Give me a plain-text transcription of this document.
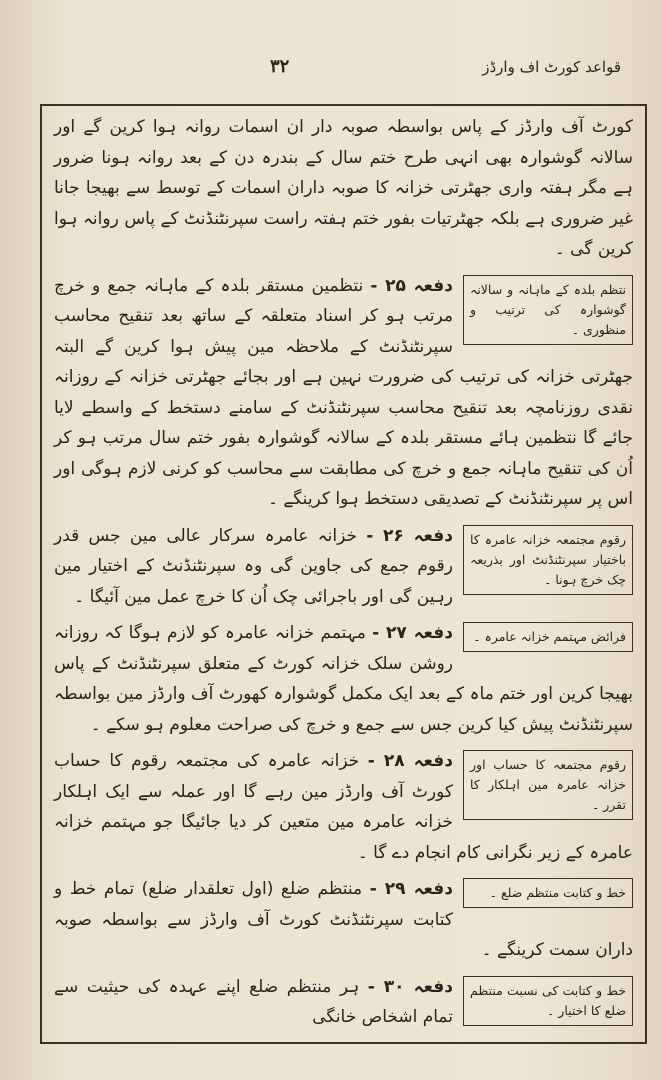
قواعد کورٹ اف وارڈز
۳۲

کورٹ آف وارڈز کے پاس بواسطہ صوبہ دار ان اسمات روانہ ہوا کرین گے اور سالانہ گوشوارہ بھی انہی طرح ختم سال کے بندرہ دن کے بعد روانہ ہونا ضرور ہے مگر ہفتہ واری جھٹرتی خزانہ کا صوبہ داران اسمات کے توسط سے بھیجا جانا غیر ضروری ہے بلکہ جھٹرتیات بفور ختم ہفتہ راست سپرنٹنڈنٹ کے پاس روانہ ہوا کرین گی ۔

نتظم بلدہ کے ماہانہ و سالانہ گوشوارہ کی ترتیب و منظوری ۔

دفعہ ۲۵ - نتظمین مستقر بلدہ کے ماہانہ جمع و خرچ مرتب ہو کر اسناد متعلقہ کے ساتھ بعد تنقیح محاسب سپرنٹنڈنٹ کے ملاحظہ مین پیش ہوا کرین گے البتہ جھٹرتی خزانہ کی ترتیب کی ضرورت نہین ہے اور بجائے جھٹرتی خزانہ کے روزانہ نقدی روزنامچہ بعد تنقیح محاسب سپرنٹنڈنٹ کے سامنے دستخط کے واسطے لایا جائے گا نتظمین ہائے مستقر بلدہ کے سالانہ گوشوارہ بفور ختم سال مرتب ہو کر اُن کی تنقیح ماہانہ جمع و خرچ کی مطابقت سے محاسب کو کرنی لازم ہوگی اور اس پر سپرنٹنڈنٹ کے تصدیقی دستخط ہوا کرینگے ۔

رقوم مجتمعہ خزانہ عامرہ کا باختیار سپرنٹنڈنٹ اور بذریعہ چک خرچ ہونا ۔

دفعہ ۲۶ - خزانہ عامرہ سرکار عالی مین جس قدر رقوم جمع کی جاوین گی وہ سپرنٹنڈنٹ کے اختیار مین رہین گی اور باجرائی چک اُن کا خرچ عمل مین آئیگا ۔

فرائض مہتمم خزانہ عامرہ ۔

دفعہ ۲۷ - مہتمم خزانہ عامرہ کو لازم ہوگا کہ روزانہ روشن سلک خزانہ کورٹ کے متعلق سپرنٹنڈنٹ کے پاس بھیجا کرین اور ختم ماہ کے بعد ایک مکمل گوشوارہ کھورٹ آف وارڈز مین بواسطہ سپرنٹنڈنٹ پیش کیا کرین جس سے جمع و خرچ کی صراحت معلوم ہو سکے ۔

رقوم مجتمعہ کا حساب اور خزانہ عامرہ مین اہلکار کا تقرر ۔

دفعہ ۲۸ - خزانہ عامرہ کی مجتمعہ رقوم کا حساب کورٹ آف وارڈز مین رہے گا اور عملہ سے ایک اہلکار خزانہ عامرہ مین متعین کر دیا جائیگا جو مہتمم خزانہ عامرہ کے زیر نگرانی کام انجام دے گا ۔

خط و کتابت منتظم ضلع ۔

دفعہ ۲۹ - منتظم ضلع (اول تعلقدار ضلع) تمام خط و کتابت سپرنٹنڈنٹ کورٹ آف وارڈز سے بواسطہ صوبہ داران سمت کرینگے ۔

خط و کتابت کی نسبت منتظم ضلع کا اختیار ۔

دفعہ ۳۰ - ہر منتظم ضلع اپنے عہدہ کی حیثیت سے تمام اشخاص خانگی
